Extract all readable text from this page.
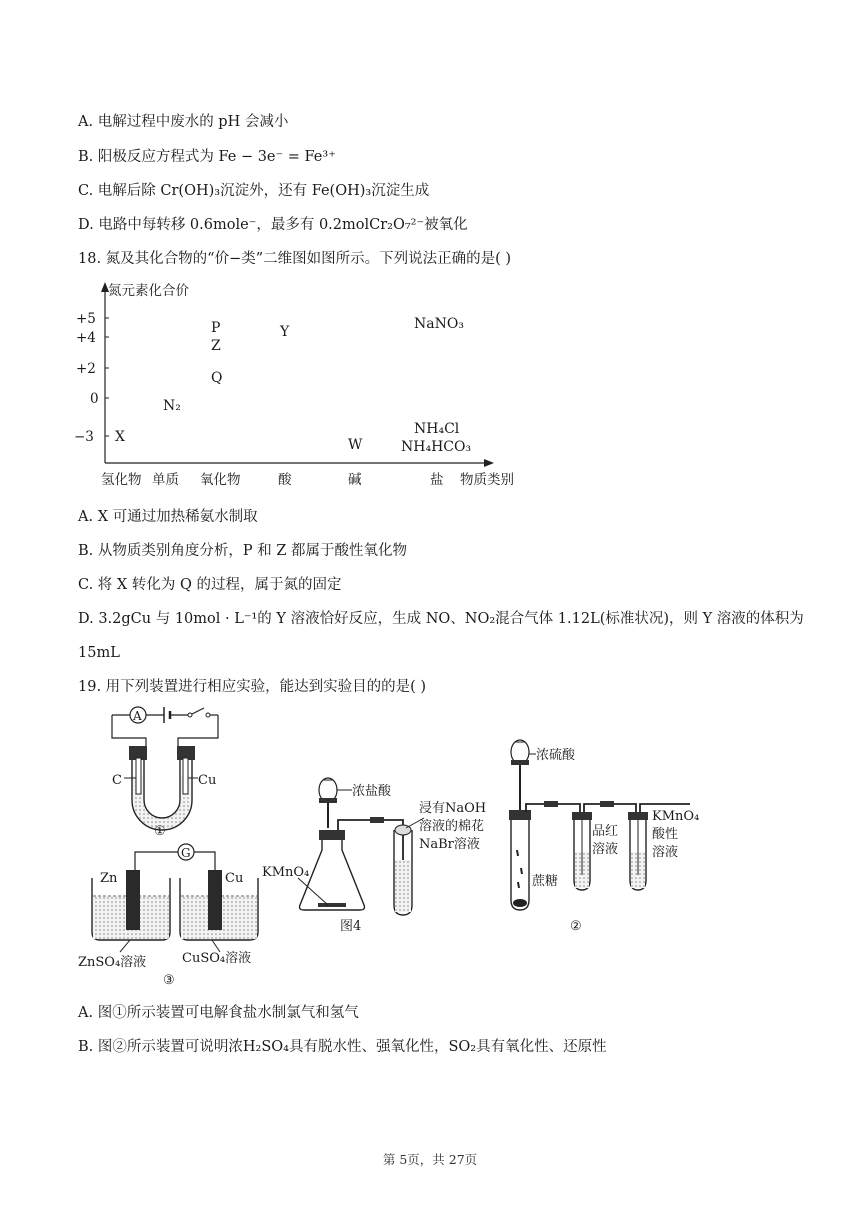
A. 电解过程中废水的 pH 会减小
B. 阳极反应方程式为 Fe − 3e⁻ = Fe³⁺
C. 电解后除 Cr(OH)₃沉淀外，还有 Fe(OH)₃沉淀生成
D. 电路中每转移 0.6mole⁻，最多有 0.2molCr₂O₇²⁻被氧化
18. 氮及其化合物的“价−类”二维图如图所示。下列说法正确的是( )
氮元素化合价
+5
+4
+2
0
−3
氢化物 单质 氧化物	酸	碱	盐 物质类别
X
N₂
P
Z
Q
Y
W
NaNO₃
NH₄Cl
NH₄HCO₃
A. X 可通过加热稀氨水制取
B. 从物质类别角度分析，P 和 Z 都属于酸性氧化物
C. 将 X 转化为 Q 的过程，属于氮的固定
D. 3.2gCu 与 10mol · L⁻¹的 Y 溶液恰好反应，生成 NO、NO₂混合气体 1.12L(标准状况)，则 Y 溶液的体积为
15mL
19. 用下列装置进行相应实验，能达到实验目的的是( )
A
C	Cu
①
G
Zn	Cu
ZnSO₄溶液	CuSO₄溶液
③
浓盐酸
KMnO₄
浸有NaOH
溶液的棉花
NaBr溶液
图4
浓硫酸
蔗糖
品红
溶液
KMnO₄
酸性
溶液
②
A. 图①所示装置可电解食盐水制氯气和氢气
B. 图②所示装置可说明浓H₂SO₄具有脱水性、强氧化性，SO₂具有氧化性、还原性
第 5页，共 27页
